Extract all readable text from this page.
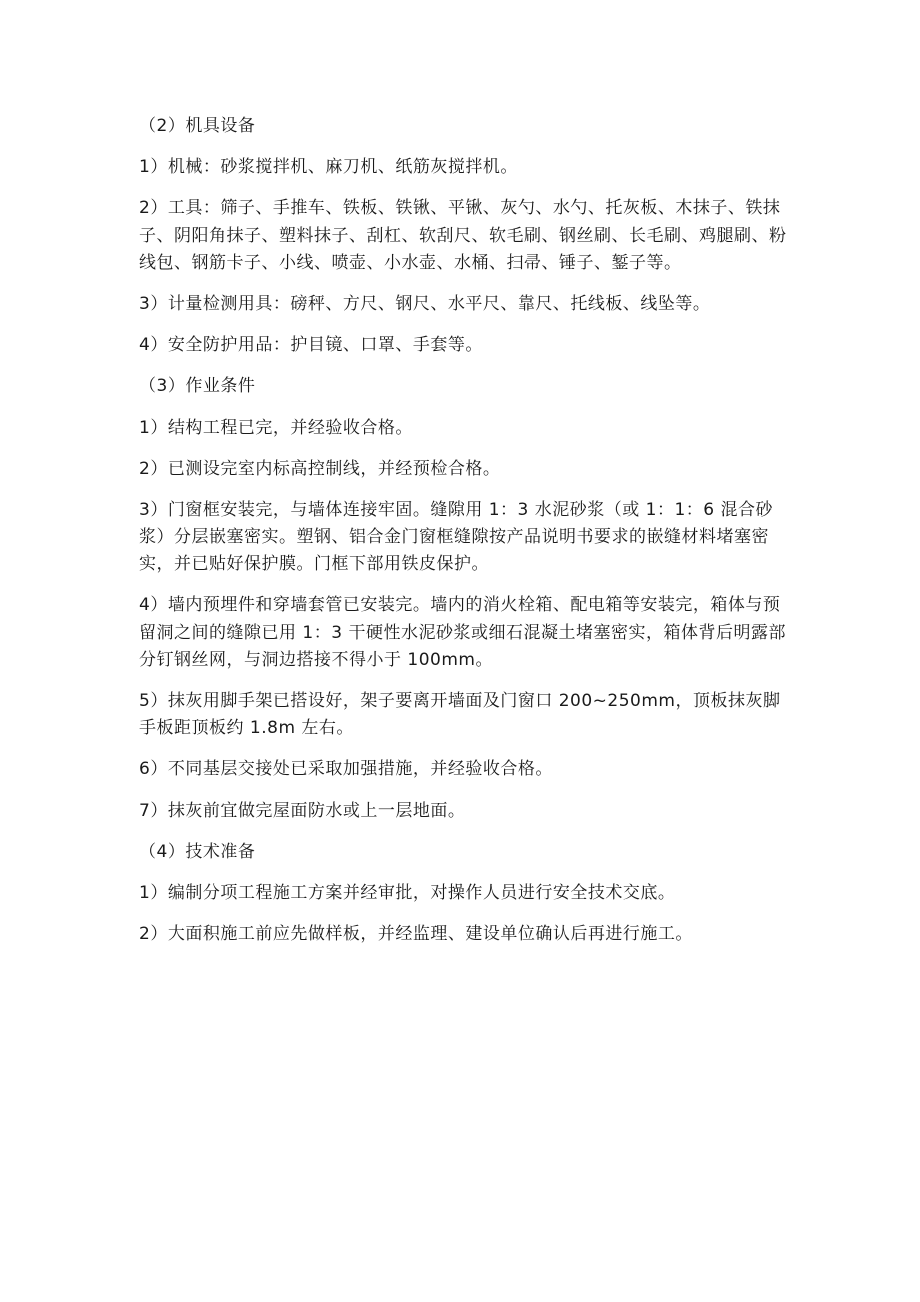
（2）机具设备

1）机械：砂浆搅拌机、麻刀机、纸筋灰搅拌机。

2）工具：筛子、手推车、铁板、铁锹、平锹、灰勺、水勺、托灰板、木抹子、铁抹子、阴阳角抹子、塑料抹子、刮杠、软刮尺、软毛刷、钢丝刷、长毛刷、鸡腿刷、粉线包、钢筋卡子、小线、喷壶、小水壶、水桶、扫帚、锤子、錾子等。

3）计量检测用具：磅秤、方尺、钢尺、水平尺、靠尺、托线板、线坠等。

4）安全防护用品：护目镜、口罩、手套等。

（3）作业条件

1）结构工程已完，并经验收合格。

2）已测设完室内标高控制线，并经预检合格。

3）门窗框安装完，与墙体连接牢固。缝隙用 1：3 水泥砂浆（或 1：1：6 混合砂浆）分层嵌塞密实。塑钢、铝合金门窗框缝隙按产品说明书要求的嵌缝材料堵塞密实，并已贴好保护膜。门框下部用铁皮保护。

4）墙内预埋件和穿墙套管已安装完。墙内的消火栓箱、配电箱等安装完，箱体与预留洞之间的缝隙已用 1：3 干硬性水泥砂浆或细石混凝土堵塞密实，箱体背后明露部分钉钢丝网，与洞边搭接不得小于 100mm。

5）抹灰用脚手架已搭设好，架子要离开墙面及门窗口 200~250mm，顶板抹灰脚手板距顶板约 1.8m 左右。

6）不同基层交接处已采取加强措施，并经验收合格。

7）抹灰前宜做完屋面防水或上一层地面。

（4）技术准备

1）编制分项工程施工方案并经审批，对操作人员进行安全技术交底。

2）大面积施工前应先做样板，并经监理、建设单位确认后再进行施工。
